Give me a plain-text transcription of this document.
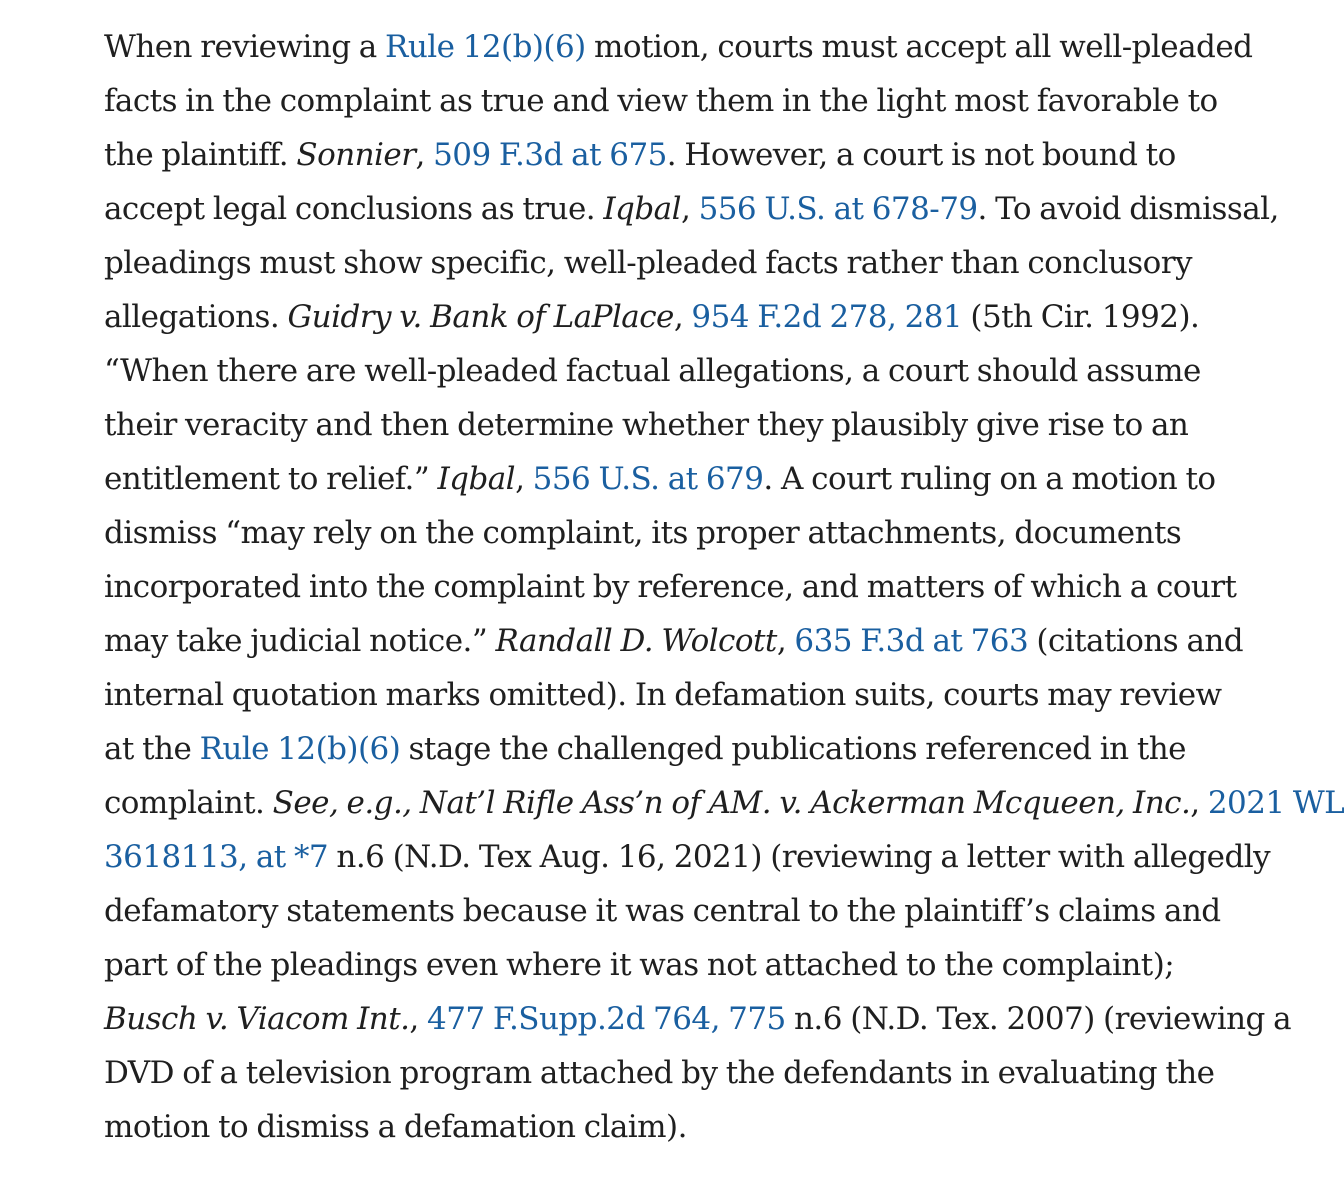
When reviewing a Rule 12(b)(6) motion, courts must accept all well-pleaded
facts in the complaint as true and view them in the light most favorable to
the plaintiff. Sonnier, 509 F.3d at 675. However, a court is not bound to
accept legal conclusions as true. Iqbal, 556 U.S. at 678-79. To avoid dismissal,
pleadings must show specific, well-pleaded facts rather than conclusory
allegations. Guidry v. Bank of LaPlace, 954 F.2d 278, 281 (5th Cir. 1992).
“When there are well-pleaded factual allegations, a court should assume
their veracity and then determine whether they plausibly give rise to an
entitlement to relief.” Iqbal, 556 U.S. at 679. A court ruling on a motion to
dismiss “may rely on the complaint, its proper attachments, documents
incorporated into the complaint by reference, and matters of which a court
may take judicial notice.” Randall D. Wolcott, 635 F.3d at 763 (citations and
internal quotation marks omitted). In defamation suits, courts may review
at the Rule 12(b)(6) stage the challenged publications referenced in the
complaint. See, e.g., Nat’l Rifle Ass’n of AM. v. Ackerman Mcqueen, Inc., 2021 WL
3618113, at *7 n.6 (N.D. Tex Aug. 16, 2021) (reviewing a letter with allegedly
defamatory statements because it was central to the plaintiff’s claims and
part of the pleadings even where it was not attached to the complaint);
Busch v. Viacom Int., 477 F.Supp.2d 764, 775 n.6 (N.D. Tex. 2007) (reviewing a
DVD of a television program attached by the defendants in evaluating the
motion to dismiss a defamation claim).
